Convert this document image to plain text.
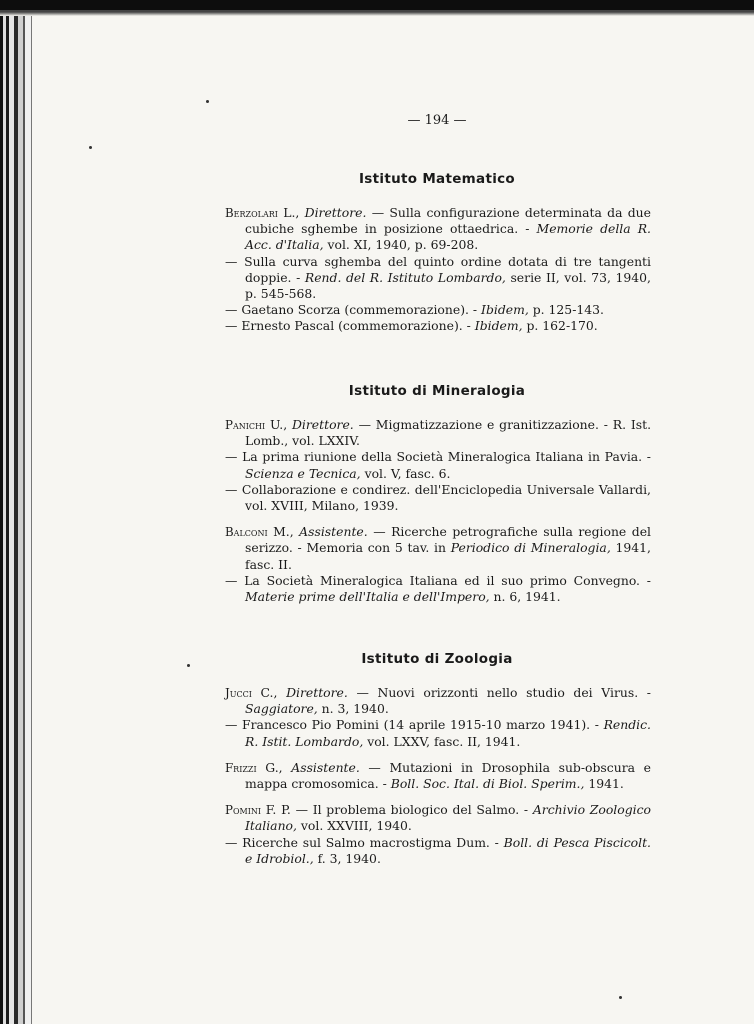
— 194 —
Istituto Matematico
Berzolari L., Direttore. — Sulla configurazione determinata da due cubiche sghembe in posizione ottaedrica. - Memorie della R. Acc. d'Italia, vol. XI, 1940, p. 69-208.
— Sulla curva sghemba del quinto ordine dotata di tre tangenti doppie. - Rend. del R. Istituto Lombardo, serie II, vol. 73, 1940, p. 545-568.
— Gaetano Scorza (commemorazione). - Ibidem, p. 125-143.
— Ernesto Pascal (commemorazione). - Ibidem, p. 162-170.
Istituto di Mineralogia
Panichi U., Direttore. — Migmatizzazione e granitizzazione. - R. Ist. Lomb., vol. LXXIV.
— La prima riunione della Società Mineralogica Italiana in Pavia. - Scienza e Tecnica, vol. V, fasc. 6.
— Collaborazione e condirez. dell'Enciclopedia Universale Vallardi, vol. XVIII, Milano, 1939.
Balconi M., Assistente. — Ricerche petrografiche sulla regione del serizzo. - Memoria con 5 tav. in Periodico di Mineralogia, 1941, fasc. II.
— La Società Mineralogica Italiana ed il suo primo Convegno. - Materie prime dell'Italia e dell'Impero, n. 6, 1941.
Istituto di Zoologia
Jucci C., Direttore. — Nuovi orizzonti nello studio dei Virus. - Saggiatore, n. 3, 1940.
— Francesco Pio Pomini (14 aprile 1915-10 marzo 1941). - Rendic. R. Istit. Lombardo, vol. LXXV, fasc. II, 1941.
Frizzi G., Assistente. — Mutazioni in Drosophila sub-obscura e mappa cromosomica. - Boll. Soc. Ital. di Biol. Sperim., 1941.
Pomini F. P. — Il problema biologico del Salmo. - Archivio Zoologico Italiano, vol. XXVIII, 1940.
— Ricerche sul Salmo macrostigma Dum. - Boll. di Pesca Piscicolt. e Idrobiol., f. 3, 1940.
